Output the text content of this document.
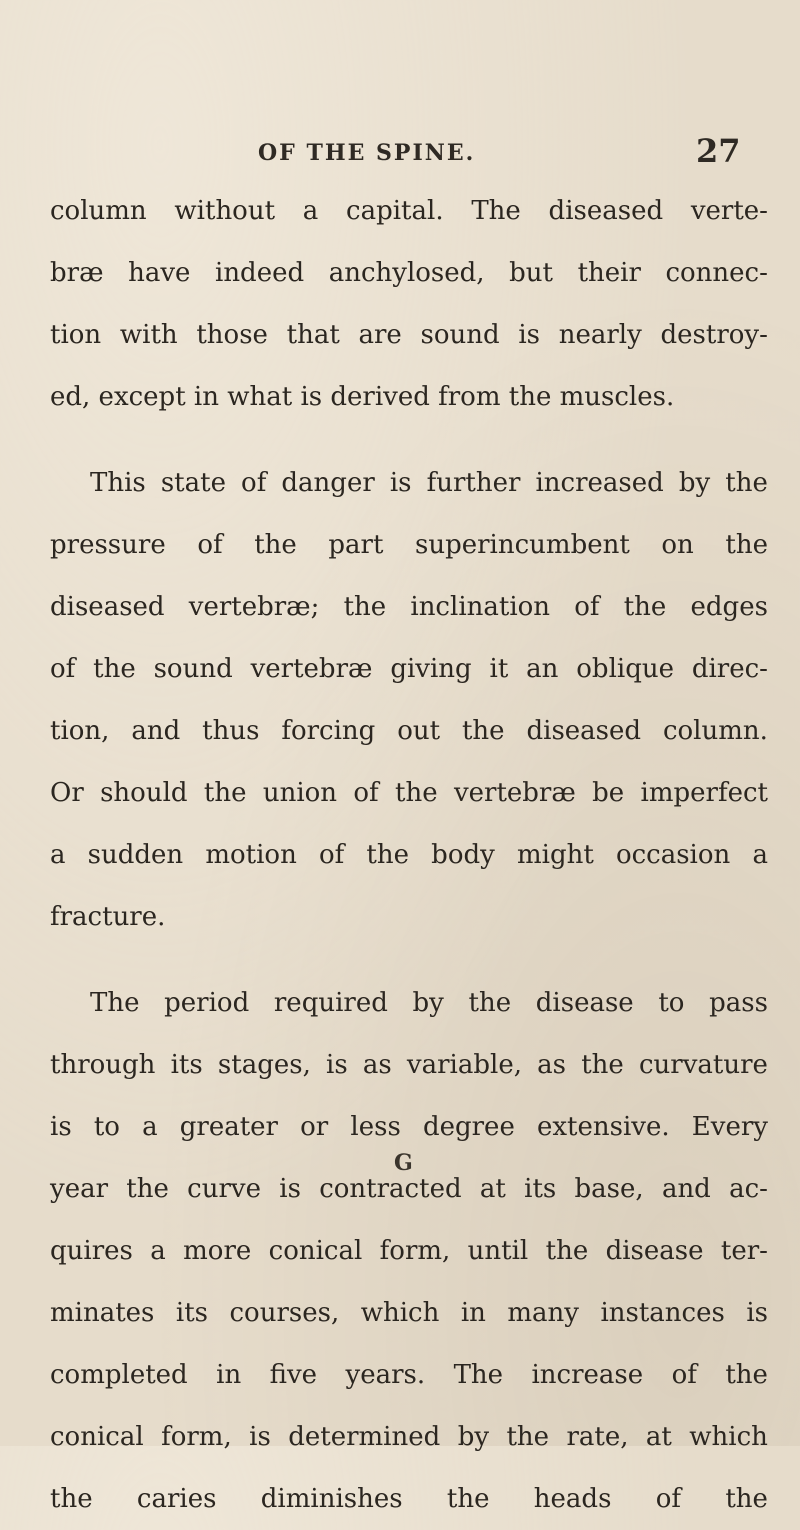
OF THE SPINE.	27
column without a capital. The diseased verte-
bræ have indeed anchylosed, but their connec-
tion with those that are sound is nearly destroy-
ed, except in what is derived from the muscles.
This state of danger is further increased by the
pressure of the part superincumbent on the
diseased vertebræ; the inclination of the edges
of the sound vertebræ giving it an oblique direc-
tion, and thus forcing out the diseased column.
Or should the union of the vertebræ be imperfect
a sudden motion of the body might occasion a
fracture.
The period required by the disease to pass
through its stages, is as variable, as the curvature
is to a greater or less degree extensive. Every
year the curve is contracted at its base, and ac-
quires a more conical form, until the disease ter-
minates its courses, which in many instances is
completed in five years. The increase of the
conical form, is determined by the rate, at which
the caries diminishes the heads of the
G
